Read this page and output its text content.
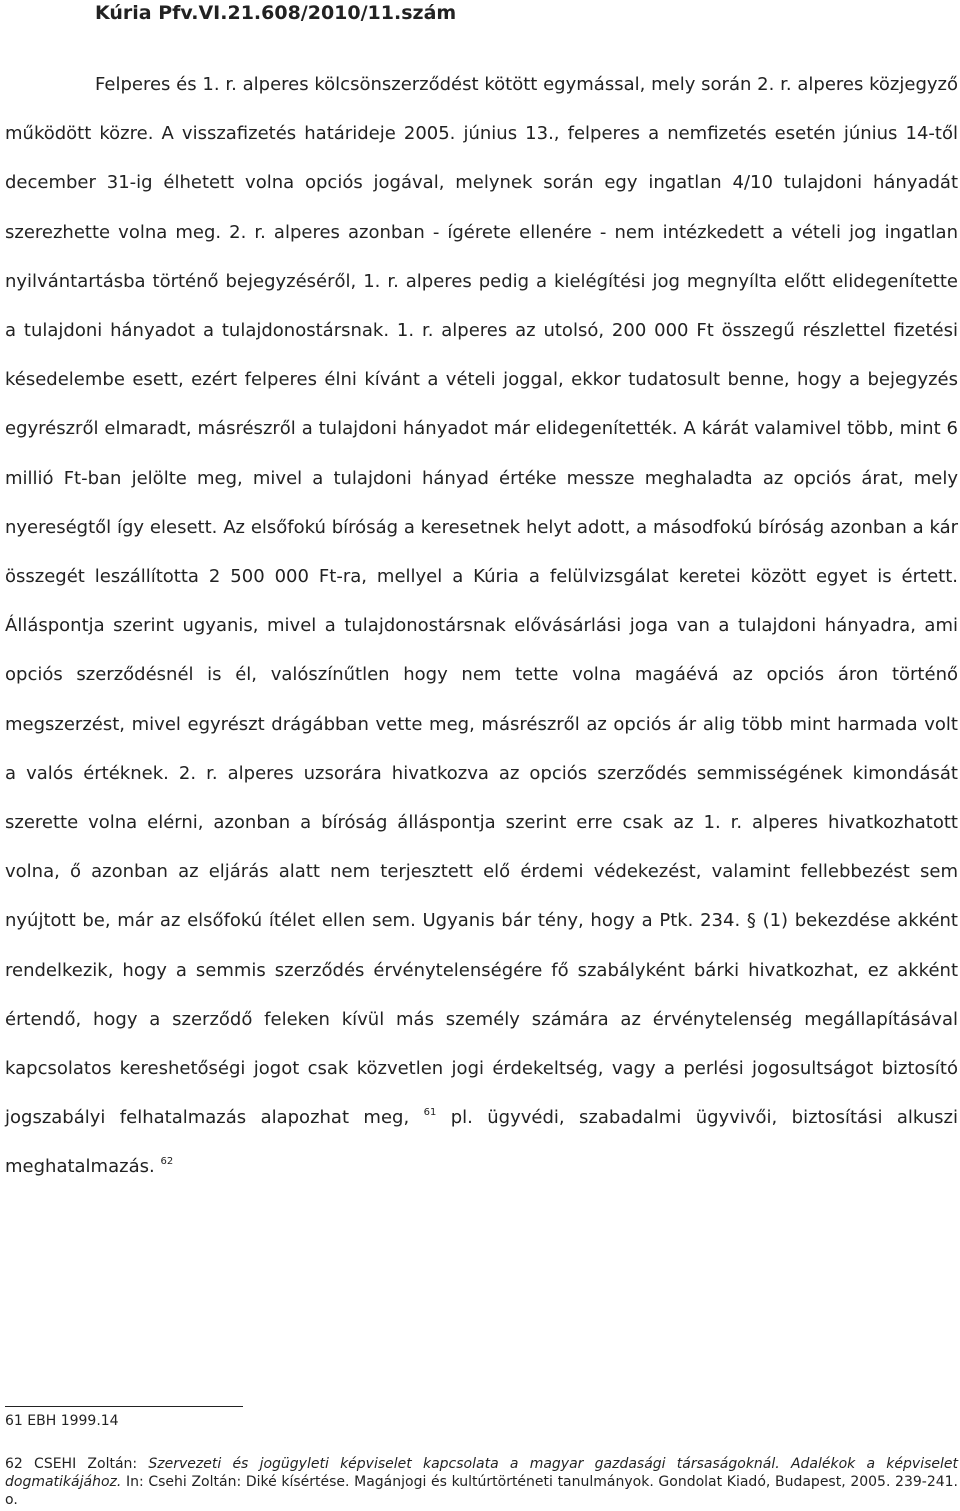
Kúria Pfv.VI.21.608/2010/11.szám

Felperes és 1. r. alperes kölcsönszerződést kötött egymással, mely során 2. r. alperes közjegyző működött közre. A visszafizetés határideje 2005. június 13., felperes a nemfizetés esetén június 14-től december 31-ig élhetett volna opciós jogával, melynek során egy ingatlan 4/10 tulajdoni hányadát szerezhette volna meg. 2. r. alperes azonban - ígérete ellenére - nem intézkedett a vételi jog ingatlan nyilvántartásba történő bejegyzéséről, 1. r. alperes pedig a kielégítési jog megnyílta előtt elidegenítette a tulajdoni hányadot a tulajdonostársnak. 1. r. alperes az utolsó, 200 000 Ft összegű részlettel fizetési késedelembe esett, ezért felperes élni kívánt a vételi joggal, ekkor tudatosult benne, hogy a bejegyzés egyrészről elmaradt, másrészről a tulajdoni hányadot már elidegenítették. A kárát valamivel több, mint 6 millió Ft-ban jelölte meg, mivel a tulajdoni hányad értéke messze meghaladta az opciós árat, mely nyereségtől így elesett. Az elsőfokú bíróság a keresetnek helyt adott, a másodfokú bíróság azonban a kár összegét leszállította 2 500 000 Ft-ra, mellyel a Kúria a felülvizsgálat keretei között egyet is értett. Álláspontja szerint ugyanis, mivel a tulajdonostársnak elővásárlási joga van a tulajdoni hányadra, ami opciós szerződésnél is él, valószínűtlen hogy nem tette volna magáévá az opciós áron történő megszerzést, mivel egyrészt drágábban vette meg, másrészről az opciós ár alig több mint harmada volt a valós értéknek. 2. r. alperes uzsorára hivatkozva az opciós szerződés semmisségének kimondását szerette volna elérni, azonban a bíróság álláspontja szerint erre csak az 1. r. alperes hivatkozhatott volna, ő azonban az eljárás alatt nem terjesztett elő érdemi védekezést, valamint fellebbezést sem nyújtott be, már az elsőfokú ítélet ellen sem. Ugyanis bár tény, hogy a Ptk. 234. § (1) bekezdése akként rendelkezik, hogy a semmis szerződés érvénytelenségére fő szabályként bárki hivatkozhat, ez akként értendő, hogy a szerződő feleken kívül más személy számára az érvénytelenség megállapításával kapcsolatos kereshetőségi jogot csak közvetlen jogi érdekeltség, vagy a perlési jogosultságot biztosító jogszabályi felhatalmazás alapozhat meg, $^{61}$ pl. ügyvédi, szabadalmi ügyvivői, biztosítási alkuszi meghatalmazás. $^{62}$

61 EBH 1999.14

62 CSEHI Zoltán: Szervezeti és jogügyleti képviselet kapcsolata a magyar gazdasági társaságoknál. Adalékok a képviselet dogmatikájához. In: Csehi Zoltán: Diké kísértése. Magánjogi és kultúrtörténeti tanulmányok. Gondolat Kiadó, Budapest, 2005. 239-241. o.
